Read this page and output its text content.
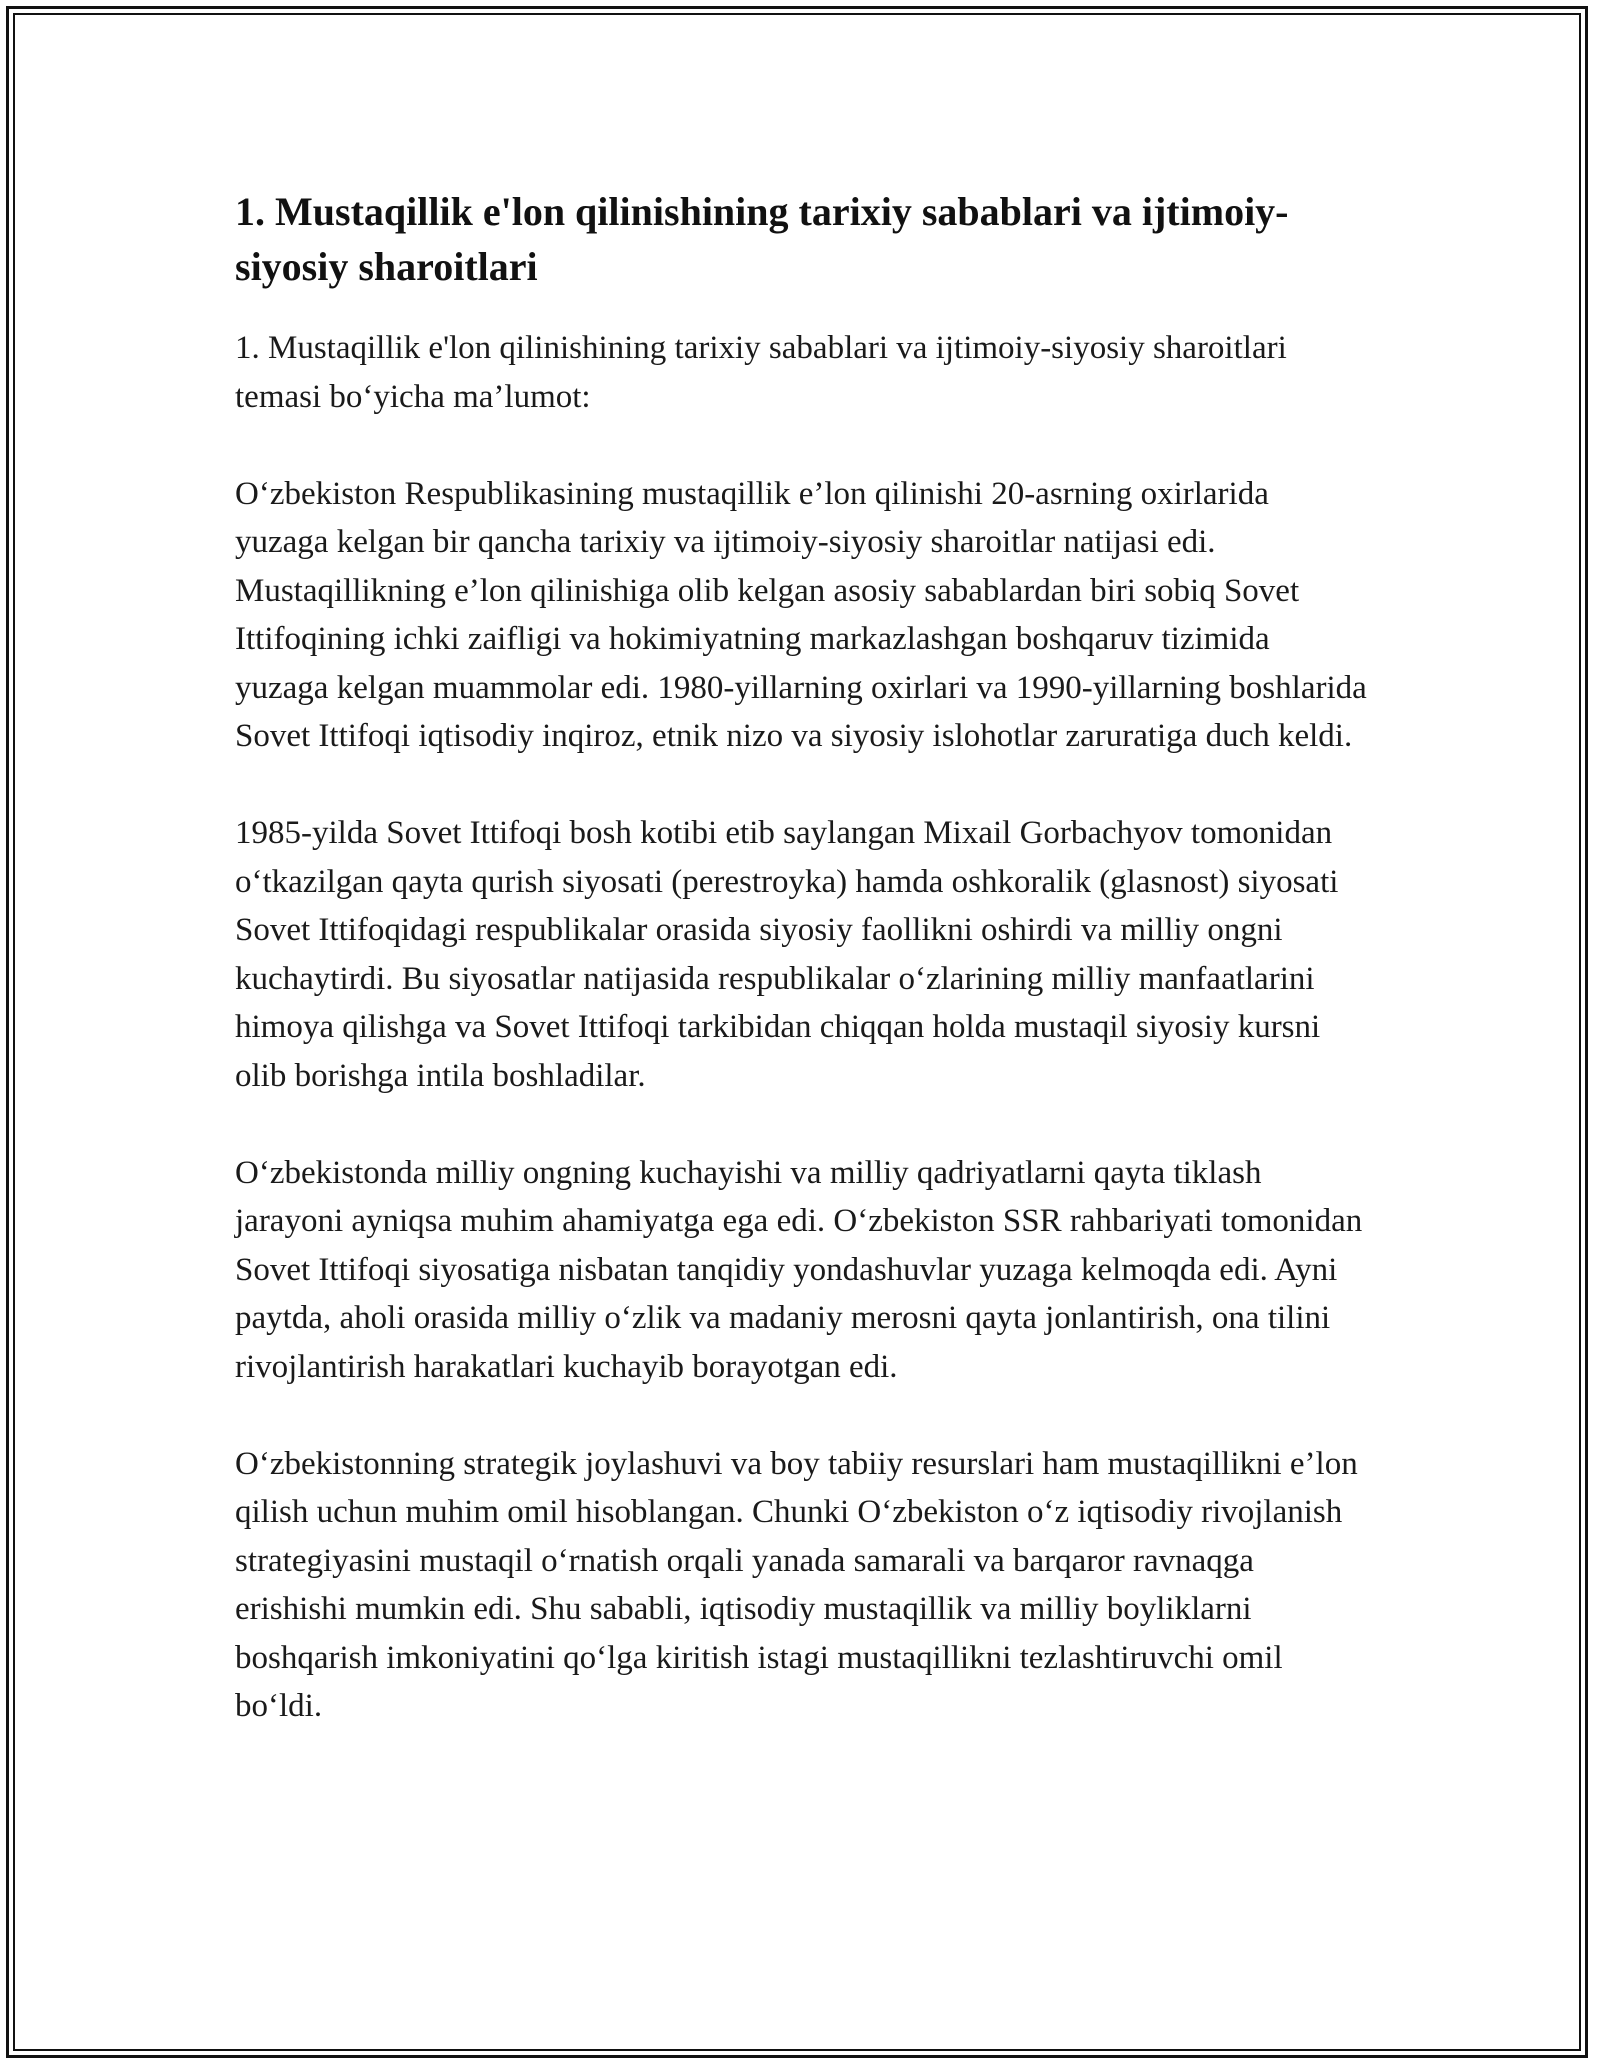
1. Mustaqillik e'lon qilinishining tarixiy sabablari va ijtimoiy-siyosiy sharoitlari

1. Mustaqillik e'lon qilinishining tarixiy sabablari va ijtimoiy-siyosiy sharoitlari temasi bo‘yicha ma’lumot:

O‘zbekiston Respublikasining mustaqillik e’lon qilinishi 20-asrning oxirlarida yuzaga kelgan bir qancha tarixiy va ijtimoiy-siyosiy sharoitlar natijasi edi. Mustaqillikning e’lon qilinishiga olib kelgan asosiy sabablardan biri sobiq Sovet Ittifoqining ichki zaifligi va hokimiyatning markazlashgan boshqaruv tizimida yuzaga kelgan muammolar edi. 1980-yillarning oxirlari va 1990-yillarning boshlarida Sovet Ittifoqi iqtisodiy inqiroz, etnik nizo va siyosiy islohotlar zaruratiga duch keldi.

1985-yilda Sovet Ittifoqi bosh kotibi etib saylangan Mixail Gorbachyov tomonidan o‘tkazilgan qayta qurish siyosati (perestroyka) hamda oshkoralik (glasnost) siyosati Sovet Ittifoqidagi respublikalar orasida siyosiy faollikni oshirdi va milliy ongni kuchaytirdi. Bu siyosatlar natijasida respublikalar o‘zlarining milliy manfaatlarini himoya qilishga va Sovet Ittifoqi tarkibidan chiqqan holda mustaqil siyosiy kursni olib borishga intila boshladilar.

O‘zbekistonda milliy ongning kuchayishi va milliy qadriyatlarni qayta tiklash jarayoni ayniqsa muhim ahamiyatga ega edi. O‘zbekiston SSR rahbariyati tomonidan Sovet Ittifoqi siyosatiga nisbatan tanqidiy yondashuvlar yuzaga kelmoqda edi. Ayni paytda, aholi orasida milliy o‘zlik va madaniy merosni qayta jonlantirish, ona tilini rivojlantirish harakatlari kuchayib borayotgan edi.

O‘zbekistonning strategik joylashuvi va boy tabiiy resurslari ham mustaqillikni e’lon qilish uchun muhim omil hisoblangan. Chunki O‘zbekiston o‘z iqtisodiy rivojlanish strategiyasini mustaqil o‘rnatish orqali yanada samarali va barqaror ravnaqga erishishi mumkin edi. Shu sababli, iqtisodiy mustaqillik va milliy boyliklarni boshqarish imkoniyatini qo‘lga kiritish istagi mustaqillikni tezlashtiruvchi omil bo‘ldi.
